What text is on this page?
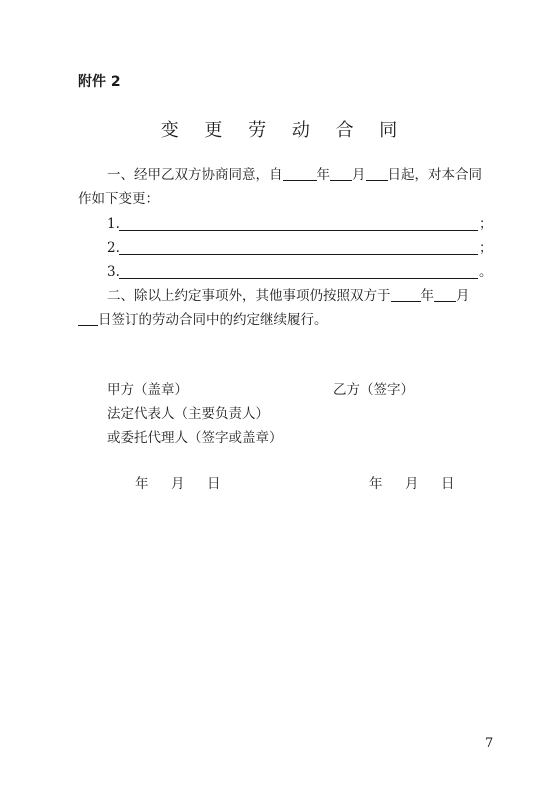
附件 2
变 更 劳 动 合 同
一、经甲乙双方协商同意，自	年 月 日起，对本合同
作如下变更：
1.	；
2.	；
3.	。
二、除以上约定事项外，其他事项仍按照双方于 年 月
日签订的劳动合同中的约定继续履行。
甲方（盖章）
法定代表人（主要负责人）
或委托代理人（签字或盖章）
乙方（签字）
年 月 日	年 月 日
7
